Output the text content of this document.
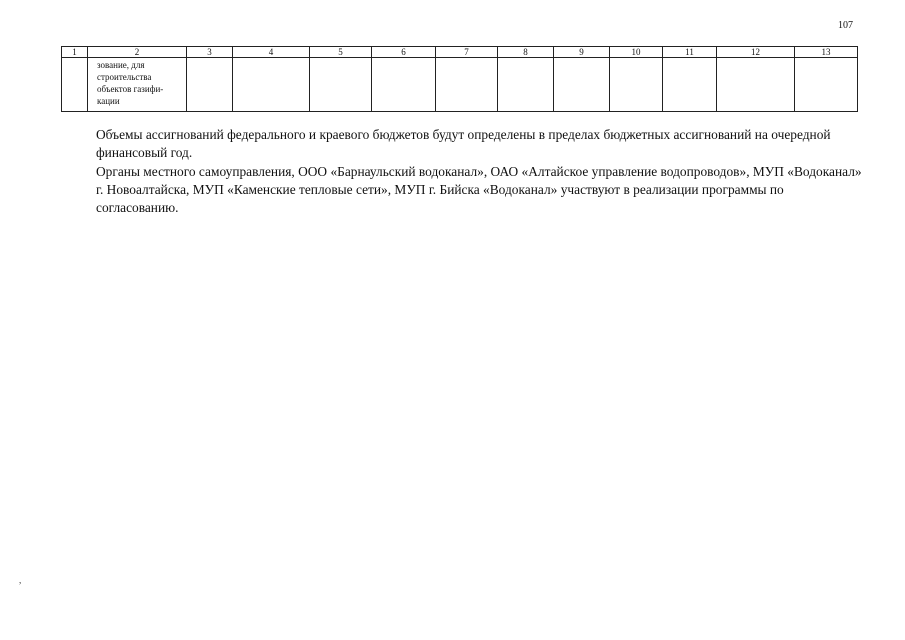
107
1	2	3	4	5	6	7	8	9	10	11	12	13

	зование, для
строительства
объектов газифи-
кации											

Объемы ассигнований федерального и краевого бюджетов будут определены в пределах бюджетных ассигнований на очередной финансовый год.

Органы местного самоуправления, ООО «Барнаульский водоканал», ОАО «Алтайское управление водопроводов», МУП «Водоканал» г. Новоалтайска, МУП «Каменские тепловые сети», МУП г. Бийска «Водоканал» участвуют в реализации программы по согласованию.

,
